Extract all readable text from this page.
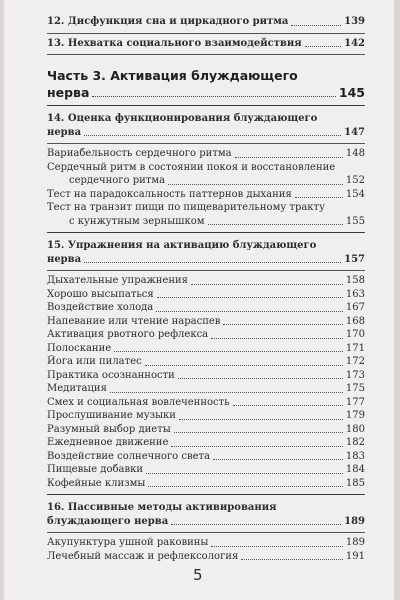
12. Дисфункция сна и циркадного ритма	139
13. Нехватка социального взаимодействия	142
Часть 3. Активация блуждающего
нерва	145
14. Оценка функционирования блуждающего
нерва	147
Вариабельность сердечного ритма	148
Сердечный ритм в состоянии покоя и восстановление
сердечного ритма	152
Тест на парадоксальность паттернов дыхания	154
Тест на транзит пищи по пищеварительному тракту
с кунжутным зернышком	155
15. Упражнения на активацию блуждающего
нерва	157
Дыхательные упражнения	158
Хорошо высыпаться	163
Воздействие холода	167
Напевание или чтение нараспев	168
Активация рвотного рефлекса	170
Полоскание	171
Йога или пилатес	172
Практика осознанности	173
Медитация	175
Смех и социальная вовлеченность	177
Прослушивание музыки	179
Разумный выбор диеты	180
Ежедневное движение	182
Воздействие солнечного света	183
Пищевые добавки	184
Кофейные клизмы	185
16. Пассивные методы активирования
блуждающего нерва	189
Акупунктура ушной раковины	189
Лечебный массаж и рефлексология	191
5
